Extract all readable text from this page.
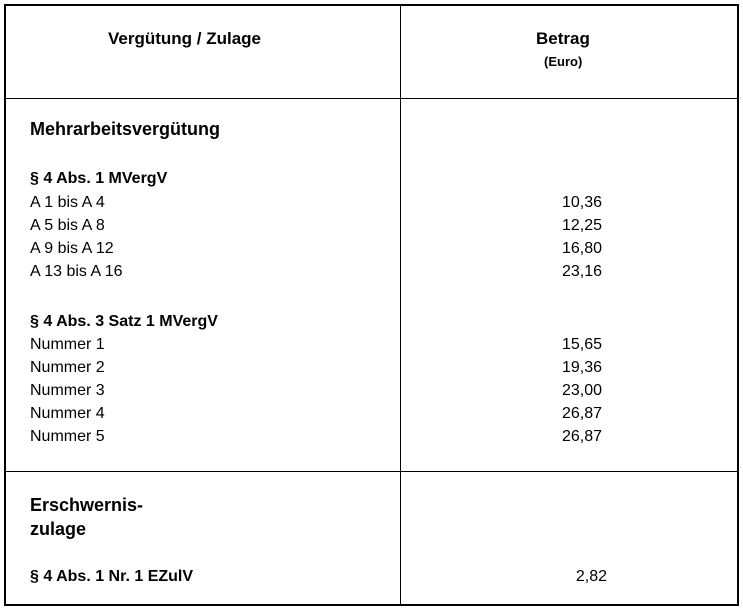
Vergütung / Zulage	Betrag
(Euro)
Mehrarbeitsvergütung
§ 4 Abs. 1 MVergV
A 1 bis A 4	10,36
A 5 bis A 8	12,25
A 9 bis A 12	16,80
A 13 bis A 16	23,16
§ 4 Abs. 3 Satz 1 MVergV
Nummer 1	15,65
Nummer 2	19,36
Nummer 3	23,00
Nummer 4	26,87
Nummer 5	26,87
Erschwernis-
zulage
§ 4 Abs. 1 Nr. 1 EZulV	2,82
